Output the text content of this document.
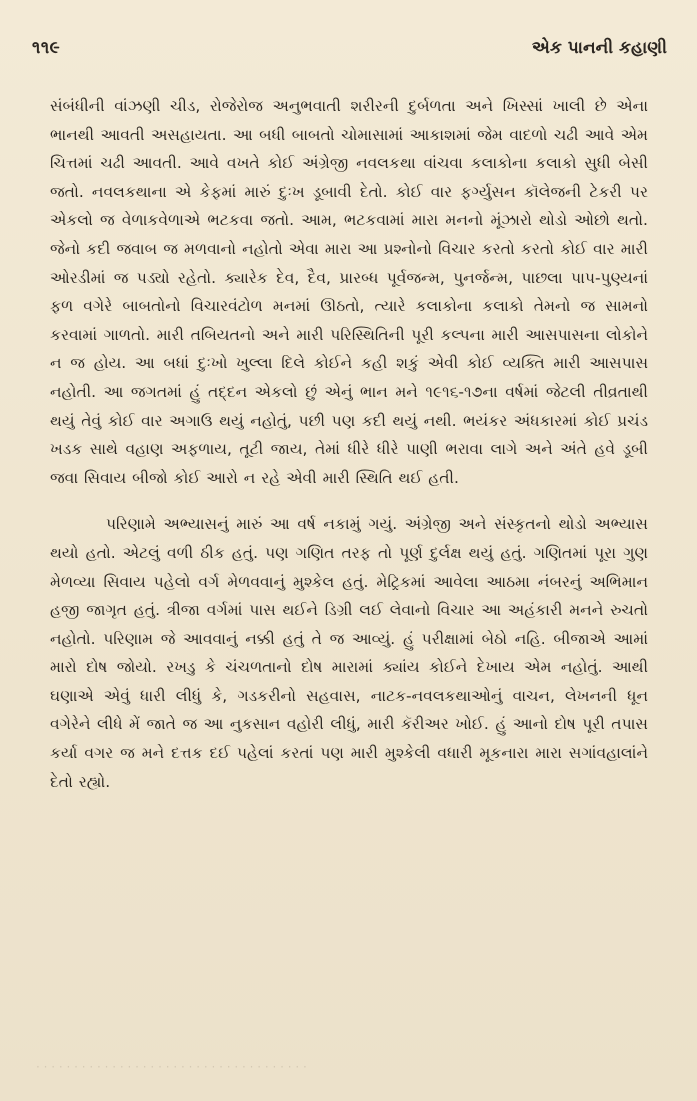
૧૧૯	એક પાનની કહાણી

સંબંધીની વાંઝણી ચીડ, રોજેરોજ અનુભવાતી શરીરની દુર્બળતા અને ખિસ્સાં ખાલી છે એના ભાનથી આવતી અસહાયતા. આ બધી બાબતો ચોમાસામાં આકાશમાં જેમ વાદળો ચઢી આવે એમ ચિત્તમાં ચઢી આવતી. આવે વખતે કોઈ અંગ્રેજી નવલકથા વાંચવા કલાકોના કલાકો સુધી બેસી જતો. નવલકથાના એ કેફમાં મારું દુઃખ ડૂબાવી દેતો. કોઈ વાર ફર્ગ્યુસન કૉલેજની ટેકરી પર એકલો જ વેળાકવેળાએ ભટકવા જતો. આમ, ભટકવામાં મારા મનનો મૂંઝારો થોડો ઓછો થતો. જેનો કદી જવાબ જ મળવાનો નહોતો એવા મારા આ પ્રશ્નોનો વિચાર કરતો કરતો કોઈ વાર મારી ઓરડીમાં જ પડ્યો રહેતો. ક્યારેક દેવ, દૈવ, પ્રારબ્ધ પૂર્વજન્મ, પુનર્જન્મ, પાછલા પાપ-પુણ્યનાં ફળ વગેરે બાબતોનો વિચારવંટોળ મનમાં ઊઠતો, ત્યારે કલાકોના કલાકો તેમનો જ સામનો કરવામાં ગાળતો. મારી તબિયતનો અને મારી પરિસ્થિતિની પૂરી કલ્પના મારી આસપાસના લોકોને ન જ હોય. આ બધાં દુઃખો ખુલ્લા દિલે કોઈને કહી શકું એવી કોઈ વ્યક્તિ મારી આસપાસ નહોતી. આ જગતમાં હું તદ્દન એકલો છું એનું ભાન મને ૧૯૧૬-૧૭ના વર્ષમાં જેટલી તીવ્રતાથી થયું તેવું કોઈ વાર અગાઉ થયું નહોતું, પછી પણ કદી થયું નથી. ભયંકર અંધકારમાં કોઈ પ્રચંડ ખડક સાથે વહાણ અફળાય, તૂટી જાય, તેમાં ધીરે ધીરે પાણી ભરાવા લાગે અને અંતે હવે ડૂબી જવા સિવાય બીજો કોઈ આરો ન રહે એવી મારી સ્થિતિ થઈ હતી.

પરિણામે અભ્યાસનું મારું આ વર્ષ નકામું ગયું. અંગ્રેજી અને સંસ્કૃતનો થોડો અભ્યાસ થયો હતો. એટલું વળી ઠીક હતું. પણ ગણિત તરફ તો પૂર્ણ દુર્લક્ષ થયું હતું. ગણિતમાં પૂરા ગુણ મેળવ્યા સિવાય પહેલો વર્ગ મેળવવાનું મુશ્કેલ હતું. મેટ્રિકમાં આવેલા આઠમા નંબરનું અભિમાન હજી જાગૃત હતું. ત્રીજા વર્ગમાં પાસ થઈને ડિગ્રી લઈ લેવાનો વિચાર આ અહંકારી મનને રુચતો નહોતો. પરિણામ જે આવવાનું નક્કી હતું તે જ આવ્યું. હું પરીક્ષામાં બેઠો નહિ. બીજાએ આમાં મારો દોષ જોયો. રખડુ કે ચંચળતાનો દોષ મારામાં ક્યાંય કોઈને દેખાય એમ નહોતું. આથી ઘણાએ એવું ધારી લીધું કે, ગડકરીનો સહવાસ, નાટક-નવલકથાઓનું વાચન, લેખનની ધૂન વગેરેને લીધે મેં જાતે જ આ નુકસાન વહોરી લીધું, મારી કૅરીઅર ખોઈ. હું આનો દોષ પૂરી તપાસ કર્યા વગર જ મને દત્તક દઈ પહેલાં કરતાં પણ મારી મુશ્કેલી વધારી મૂકનારા મારા સગાંવહાલાંને દેતો રહ્યો.

· · · · · · · · · · · · · · · · · · · · · · · · · · · · · · · · · · · ·
